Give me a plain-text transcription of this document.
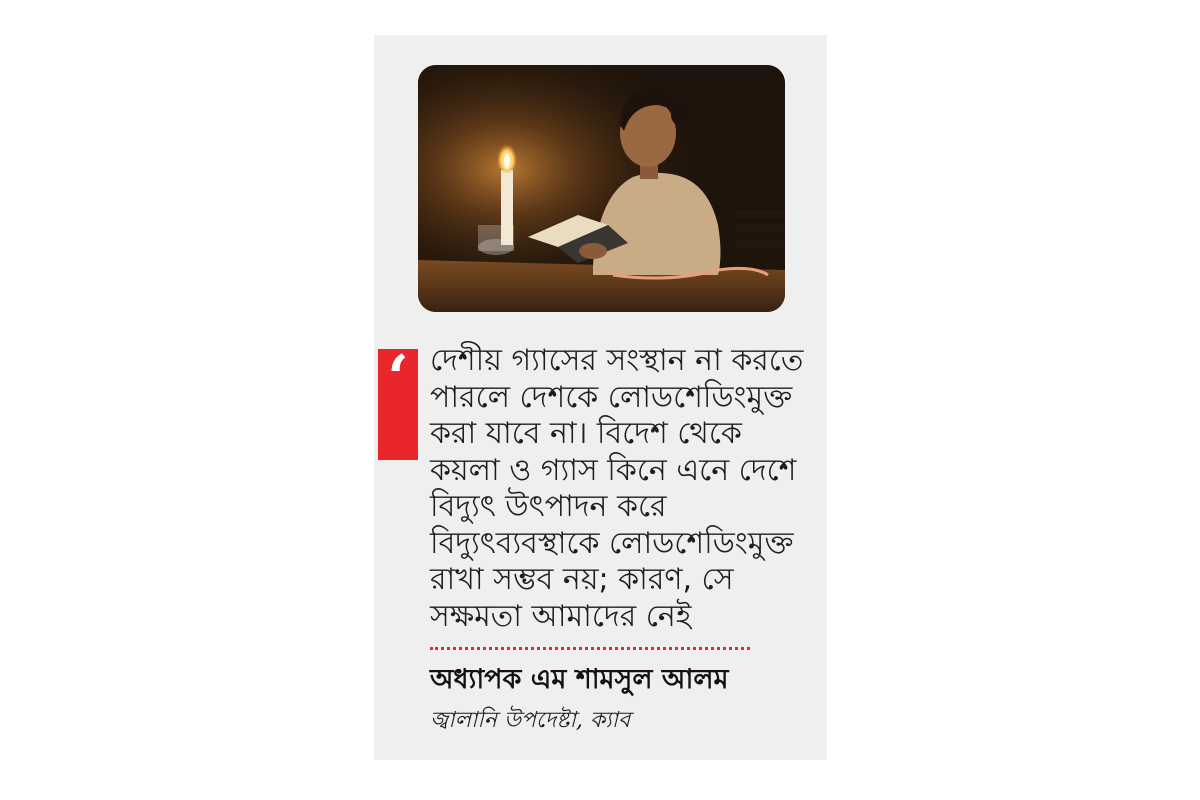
‘ দেশীয় গ্যাসের সংস্থান না করতে পারলে দেশকে লোডশেডিংমুক্ত করা যাবে না। বিদেশ থেকে কয়লা ও গ্যাস কিনে এনে দেশে বিদ্যুৎ উৎপাদন করে বিদ্যুৎব্যবস্থাকে লোডশেডিংমুক্ত রাখা সম্ভব নয়; কারণ, সে সক্ষমতা আমাদের নেই

অধ্যাপক এম শামসুল আলম
জ্বালানি উপদেষ্টা, ক্যাব
